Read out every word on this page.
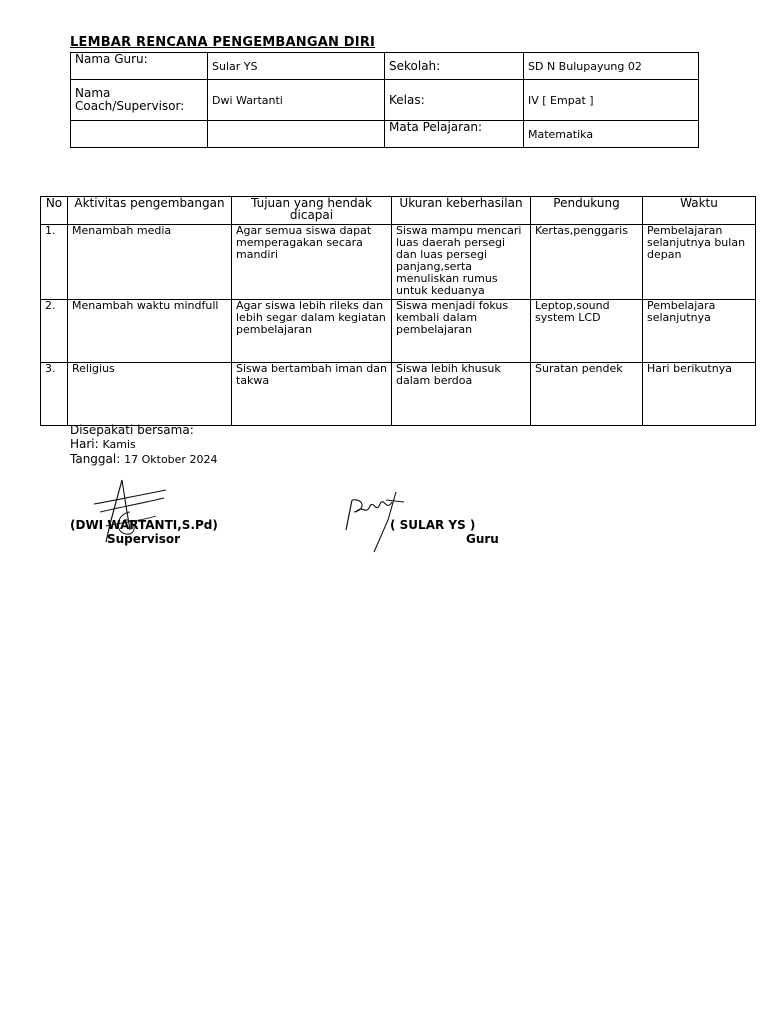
LEMBAR RENCANA PENGEMBANGAN DIRI
Nama Guru:	Sular YS	Sekolah:	SD N Bulupayung 02
Nama
Coach/Supervisor:	Dwi Wartanti	Kelas:	IV [ Empat ]
		Mata Pelajaran:	Matematika
No	Aktivitas pengembangan	Tujuan yang hendak dicapai	Ukuran keberhasilan	Pendukung	Waktu
1.	Menambah media	Agar semua siswa dapat memperagakan secara mandiri	Siswa mampu mencari luas daerah persegi dan luas persegi panjang,serta menuliskan rumus untuk keduanya	Kertas,penggaris	Pembelajaran selanjutnya bulan depan
2.	Menambah waktu mindfull	Agar siswa lebih rileks dan lebih segar dalam kegiatan pembelajaran	Siswa menjadi fokus kembali dalam pembelajaran	Leptop,sound system LCD	Pembelajara selanjutnya
3.	Religius	Siswa bertambah iman dan takwa	Siswa lebih khusuk dalam berdoa	Suratan pendek	Hari berikutnya
Disepakati bersama:
Hari: Kamis
Tanggal: 17 Oktober 2024
(DWI WARTANTI,S.Pd)
Supervisor
( SULAR YS )
Guru
